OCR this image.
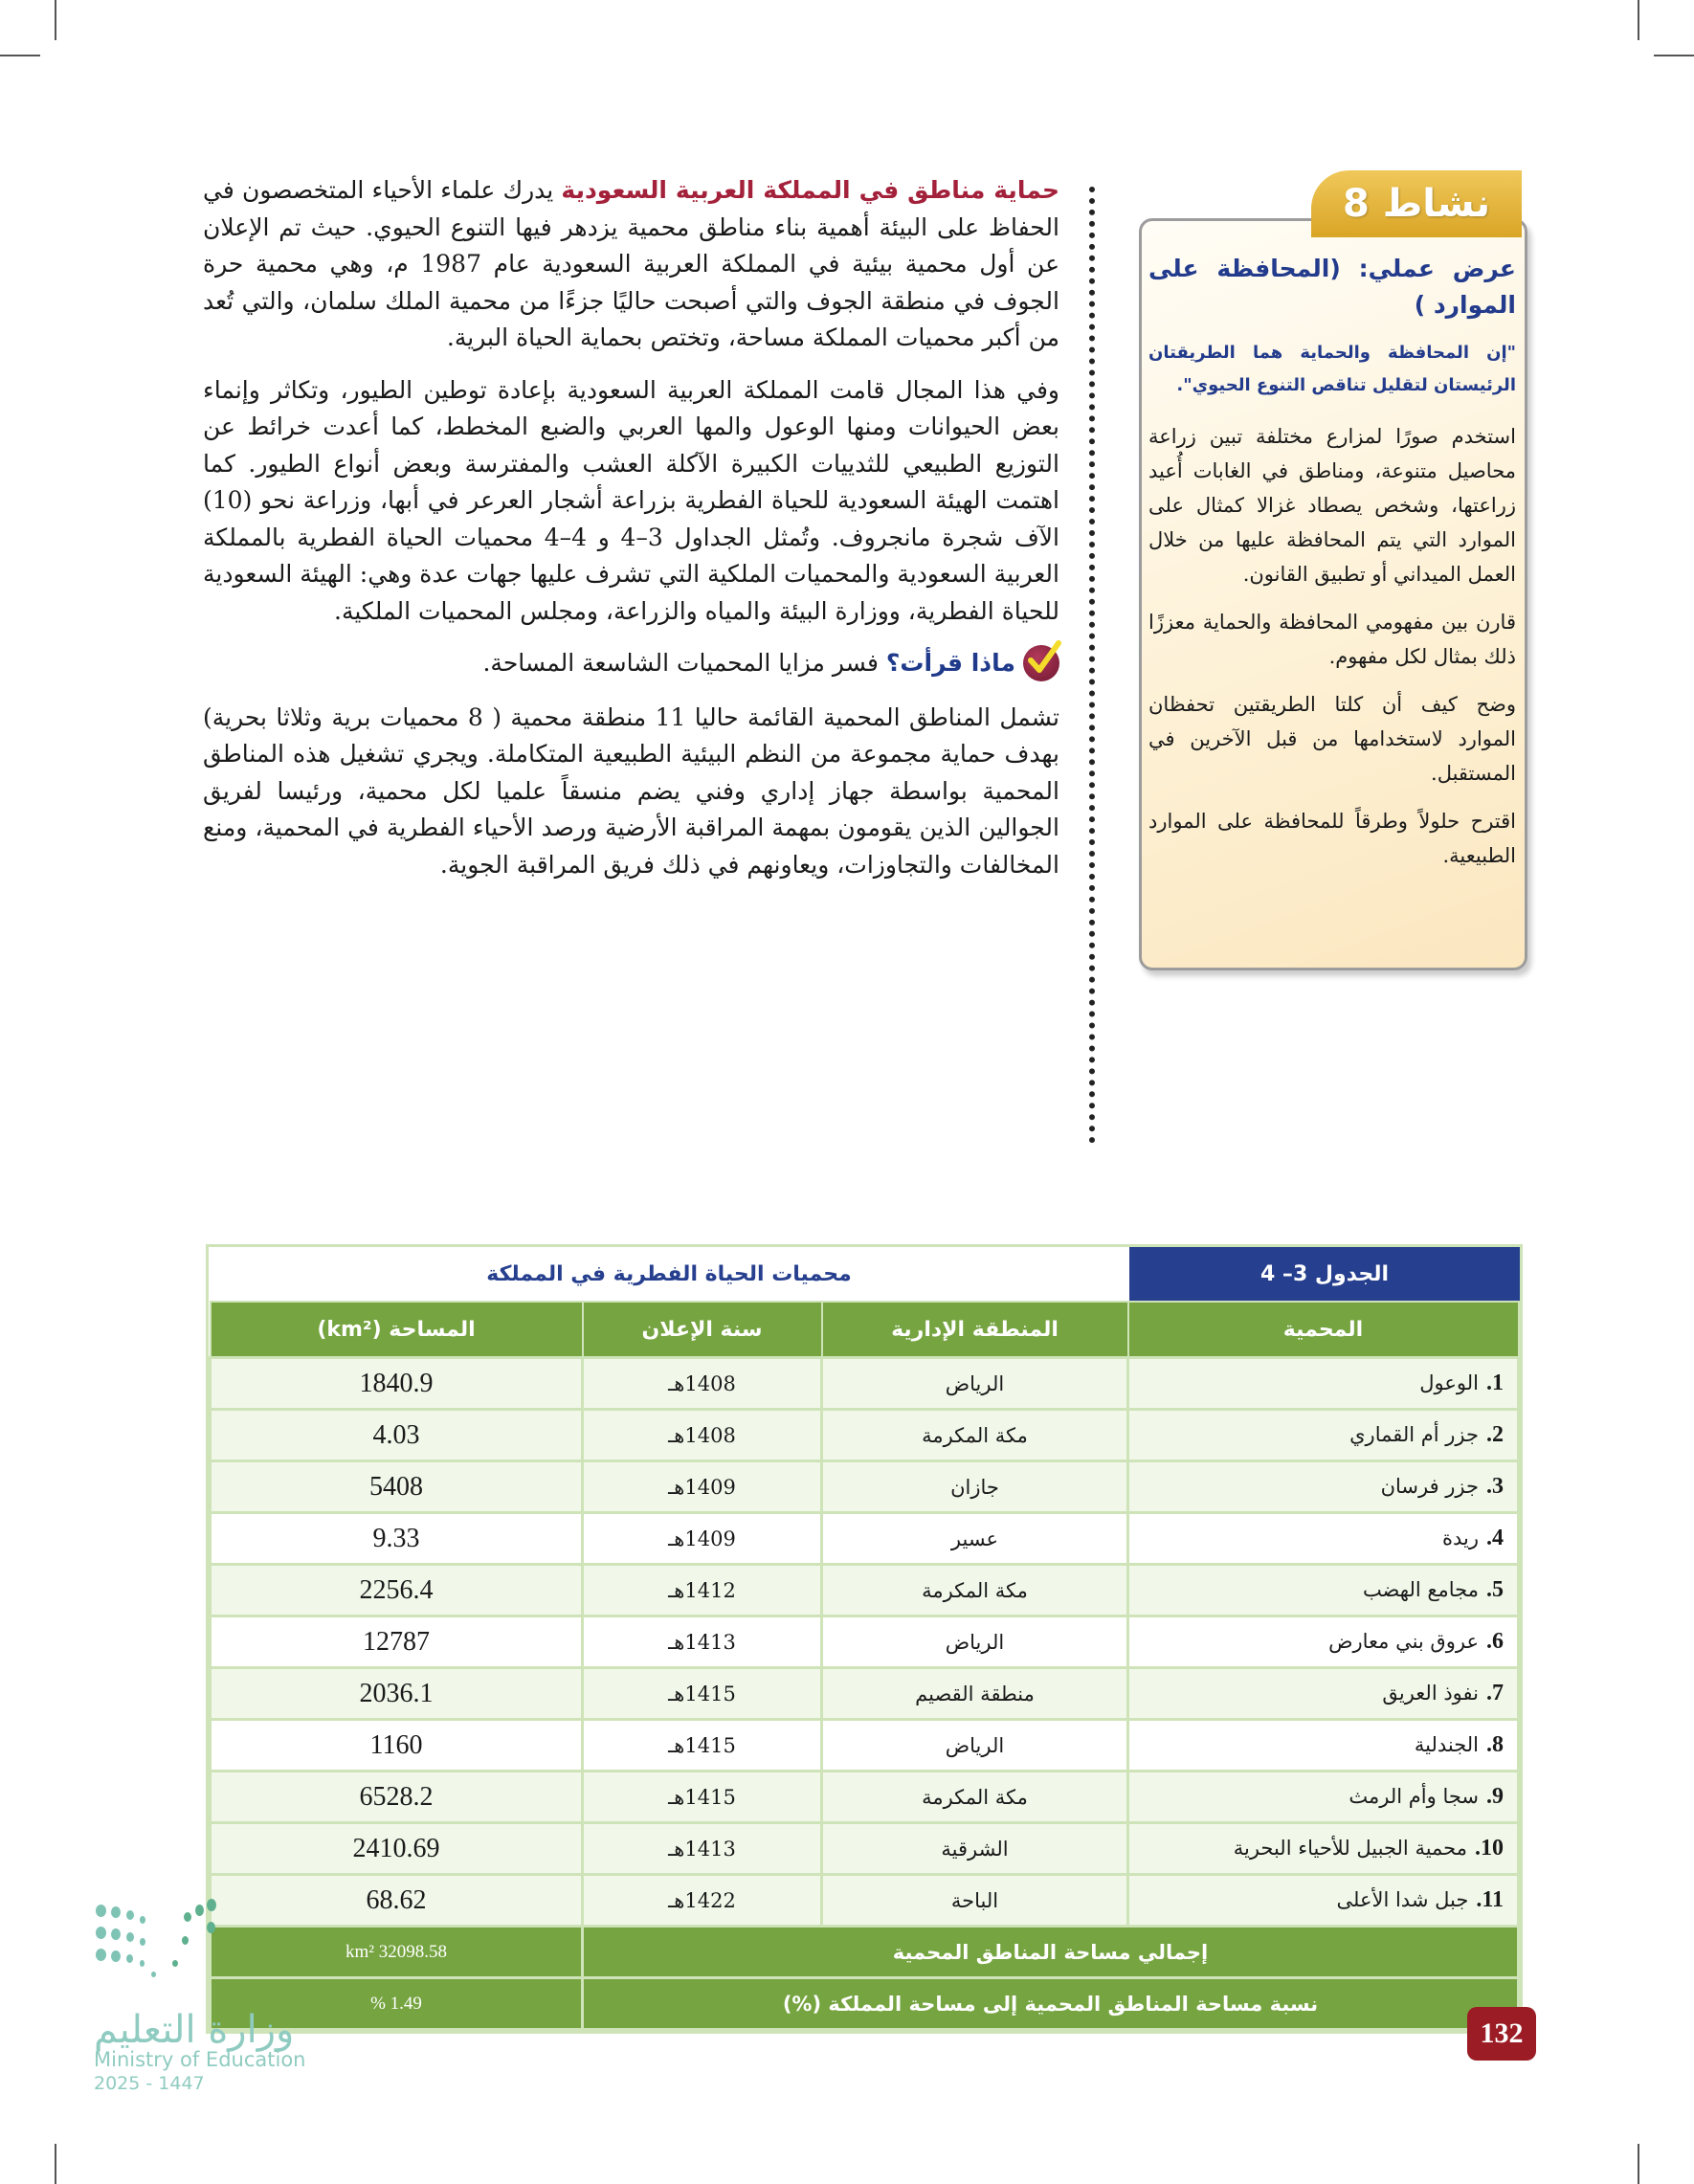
حماية مناطق في المملكة العربية السعودية يدرك علماء الأحياء المتخصصون في الحفاظ على البيئة أهمية بناء مناطق محمية يزدهر فيها التنوع الحيوي. حيث تم الإعلان عن أول محمية بيئية في المملكة العربية السعودية عام 1987 م، وهي محمية حرة الجوف في منطقة الجوف والتي أصبحت حاليًا جزءًا من محمية الملك سلمان، والتي تُعد من أكبر محميات المملكة مساحة، وتختص بحماية الحياة البرية.

وفي هذا المجال قامت المملكة العربية السعودية بإعادة توطين الطيور، وتكاثر وإنماء بعض الحيوانات ومنها الوعول والمها العربي والضبع المخطط، كما أعدت خرائط عن التوزيع الطبيعي للثدييات الكبيرة الآكلة العشب والمفترسة وبعض أنواع الطيور. كما اهتمت الهيئة السعودية للحياة الفطرية بزراعة أشجار العرعر في أبها، وزراعة نحو (10) الآف شجرة مانجروف. وتُمثل الجداول 3–4 و 4–4 محميات الحياة الفطرية بالمملكة العربية السعودية والمحميات الملكية التي تشرف عليها جهات عدة وهي: الهيئة السعودية للحياة الفطرية، ووزارة البيئة والمياه والزراعة، ومجلس المحميات الملكية.

ماذا قرأت؟ فسر مزايا المحميات الشاسعة المساحة.

تشمل المناطق المحمية القائمة حاليا 11 منطقة محمية ( 8 محميات برية وثلاثا بحرية) بهدف حماية مجموعة من النظم البيئية الطبيعية المتكاملة. ويجري تشغيل هذه المناطق المحمية بواسطة جهاز إداري وفني يضم منسقاً علميا لكل محمية، ورئيسا لفريق الجوالين الذين يقومون بمهمة المراقبة الأرضية ورصد الأحياء الفطرية في المحمية، ومنع المخالفات والتجاوزات، ويعاونهم في ذلك فريق المراقبة الجوية.

نشاط 8
عرض عملي: (المحافظة على الموارد )
"إن المحافظة والحماية هما الطريقتان الرئيستان لتقليل تناقص التنوع الحيوي".

استخدم صورًا لمزارع مختلفة تبين زراعة محاصيل متنوعة، ومناطق في الغابات أُعيد زراعتها، وشخص يصطاد غزالا كمثال على الموارد التي يتم المحافظة عليها من خلال العمل الميداني أو تطبيق القانون.

قارن بين مفهومي المحافظة والحماية معززًا ذلك بمثال لكل مفهوم.

وضح كيف أن كلتا الطريقتين تحفظان الموارد لاستخدامها من قبل الآخرين في المستقبل.

اقترح حلولاً وطرقاً للمحافظة على الموارد الطبيعية.

الجدول 3– 4
محميات الحياة الفطرية في المملكة
المحمية	المنطقة الإدارية	سنة الإعلان	المساحة (km²)
1.الوعول	الرياض	1408هـ	1840.9
2.جزر أم القماري	مكة المكرمة	1408هـ	4.03
3.جزر فرسان	جازان	1409هـ	5408
4.ريدة	عسير	1409هـ	9.33
5.مجامع الهضب	مكة المكرمة	1412هـ	2256.4
6.عروق بني معارض	الرياض	1413هـ	12787
7.نفوذ العريق	منطقة القصيم	1415هـ	2036.1
8.الجندلية	الرياض	1415هـ	1160
9.سجا وأم الرمث	مكة المكرمة	1415هـ	6528.2
10.محمية الجبيل للأحياء البحرية	الشرقية	1413هـ	2410.69
11.جبل شدا الأعلى	الباحة	1422هـ	68.62
إجمالي مساحة المناطق المحمية			32098.58 km²
نسبة مساحة المناطق المحمية إلى مساحة المملكة (%)			1.49 %
وزارة التعليم
Ministry of Education
2025 - 1447
132
